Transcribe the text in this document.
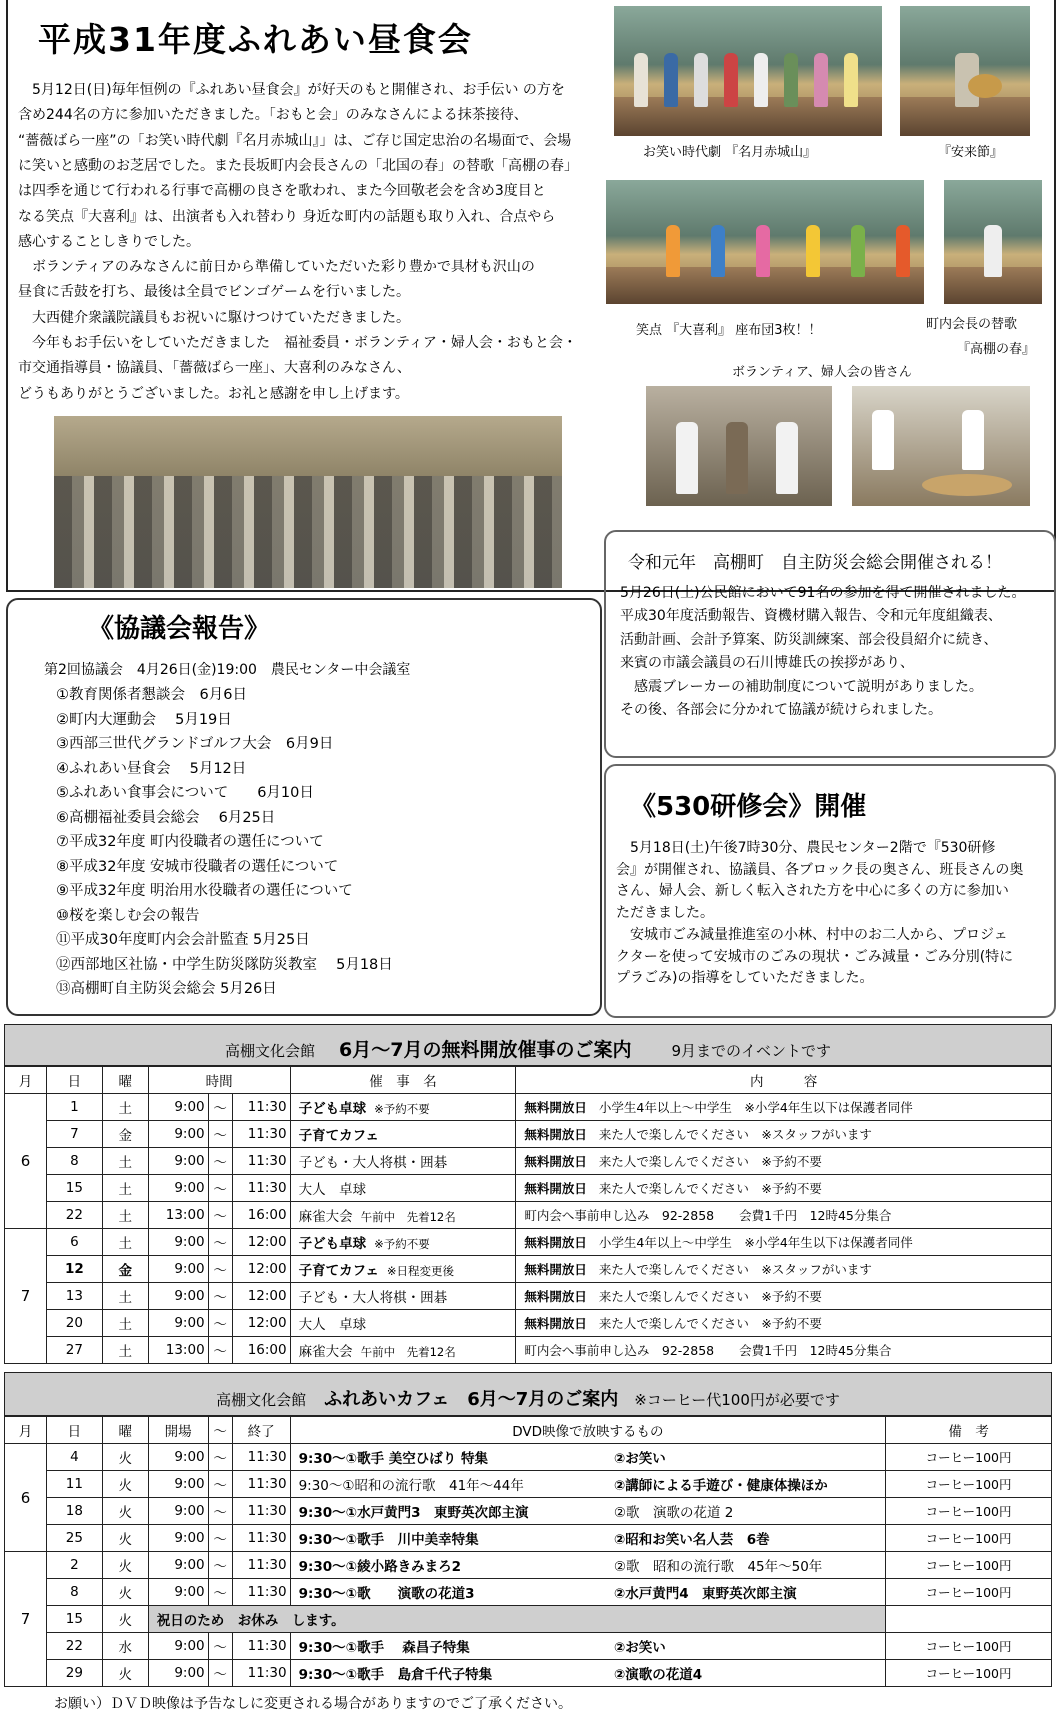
平成31年度ふれあい昼食会
　5月12日(日)毎年恒例の『ふれあい昼食会』が好天のもと開催され、お手伝い の方を
含め244名の方に参加いただきました。「おもと会」のみなさんによる抹茶接待、
“薔薇ばら一座”の「お笑い時代劇『名月赤城山』」は、ご存じ国定忠治の名場面で、会場
に笑いと感動のお芝居でした。また長坂町内会長さんの「北国の春」の替歌「高棚の春」
は四季を通じて行われる行事で高棚の良さを歌われ、また今回敬老会を含め3度目と
なる笑点『大喜利』は、出演者も入れ替わり 身近な町内の話題も取り入れ、合点やら
感心することしきりでした。
　ボランティアのみなさんに前日から準備していただいた彩り豊かで具材も沢山の
昼食に舌鼓を打ち、最後は全員でビンゴゲームを行いました。
　大西健介衆議院議員もお祝いに駆けつけていただきました。
　今年もお手伝いをしていただきました　福祉委員・ボランティア・婦人会・おもと会・
市交通指導員・協議員、「薔薇ばら一座」、大喜利のみなさん、
どうもありがとうございました。お礼と感謝を申し上げます。
お笑い時代劇 『名月赤城山』	『安来節』
笑点 『大喜利』 座布団3枚！！	町内会長の替歌
『高棚の春』
ボランティア、婦人会の皆さん
《協議会報告》
第2回協議会　4月26日(金)19:00　農民センター中会議室
①教育関係者懇談会　6月6日
②町内大運動会　 5月19日
③西部三世代グランドゴルフ大会　6月9日
④ふれあい昼食会　 5月12日
⑤ふれあい食事会について　　6月10日
⑥高棚福祉委員会総会　 6月25日
⑦平成32年度 町内役職者の選任について
⑧平成32年度 安城市役職者の選任について
⑨平成32年度 明治用水役職者の選任について
⑩桜を楽しむ会の報告
⑪平成30年度町内会会計監査 5月25日
⑫西部地区社協・中学生防災隊防災教室　 5月18日
⑬高棚町自主防災会総会 5月26日
令和元年　高棚町　自主防災会総会開催される！
5月26日(土)公民館において91名の参加を得て開催されました。
平成30年度活動報告、資機材購入報告、令和元年度組織表、
活動計画、会計予算案、防災訓練案、部会役員紹介に続き、
来賓の市議会議員の石川博雄氏の挨拶があり、
　感震ブレーカーの補助制度について説明がありました。
その後、各部会に分かれて協議が続けられました。
《530研修会》開催
　5月18日(土)午後7時30分、農民センター2階で『530研修
会』が開催され、協議員、各ブロック長の奥さん、班長さんの奥
さん、婦人会、新しく転入された方を中心に多くの方に参加い
ただきました。
　安城市ごみ減量推進室の小林、村中のお二人から、プロジェ
クターを使って安城市のごみの現状・ごみ減量・ごみ分別(特に
プラごみ)の指導をしていただきました。
高棚文化会館 6月～7月の無料開放催事のご案内	9月までのイベントです
月	日	曜	時間			催　事　名	内　　　容
6	1	土	9:00	～	11:30	子ども卓球 ※予約不要	無料開放日 小学生4年以上～中学生　※小学4年生以下は保護者同伴
	7	金	9:00	～	11:30	子育てカフェ	無料開放日 来た人で楽しんでください　※スタッフがいます
	8	土	9:00	～	11:30	子ども・大人将棋・囲碁	無料開放日 来た人で楽しんでください　※予約不要
	15	土	9:00	～	11:30	大人　卓球	無料開放日 来た人で楽しんでください　※予約不要
	22	土	13:00	～	16:00	麻雀大会 午前中　先着12名	町内会へ事前申し込み　92-2858　　会費1千円　12時45分集合
7	6	土	9:00	～	12:00	子ども卓球 ※予約不要	無料開放日 小学生4年以上～中学生　※小学4年生以下は保護者同伴
	12	金	9:00	～	12:00	子育てカフェ ※日程変更後	無料開放日 来た人で楽しんでください　※スタッフがいます
	13	土	9:00	～	12:00	子ども・大人将棋・囲碁	無料開放日 来た人で楽しんでください　※予約不要
	20	土	9:00	～	12:00	大人　卓球	無料開放日 来た人で楽しんでください　※予約不要
	27	土	13:00	～	16:00	麻雀大会 午前中　先着12名	町内会へ事前申し込み　92-2858　　会費1千円　12時45分集合
高棚文化会館 ふれあいカフェ　6月～7月のご案内 ※コーヒー代100円が必要です
月	日	曜	開場	～	終了	DVD映像で放映するもの		備　考
6	4	火	9:00	～	11:30	9:30～①歌手 美空ひばり 特集	②お笑い	コーヒー100円
	11	火	9:00	～	11:30	9:30～①昭和の流行歌　41年～44年	②講師による手遊び・健康体操ほか	コーヒー100円
	18	火	9:00	～	11:30	9:30～①水戸黄門3　東野英次郎主演	②歌　演歌の花道 2	コーヒー100円
	25	火	9:00	～	11:30	9:30～①歌手　川中美幸特集	②昭和お笑い名人芸　6巻	コーヒー100円
7	2	火	9:00	～	11:30	9:30～①綾小路きみまろ2	②歌　昭和の流行歌　45年～50年	コーヒー100円
	8	火	9:00	～	11:30	9:30～①歌　　演歌の花道3	②水戸黄門4　東野英次郎主演	コーヒー100円
	15	火	祝日のため　お休み　します。					
	22	水	9:00	～	11:30	9:30～①歌手　 森昌子特集	②お笑い	コーヒー100円
	29	火	9:00	～	11:30	9:30～①歌手　島倉千代子特集	②演歌の花道4	コーヒー100円
お願い）ＤＶＤ映像は予告なしに変更される場合がありますのでご了承ください。
